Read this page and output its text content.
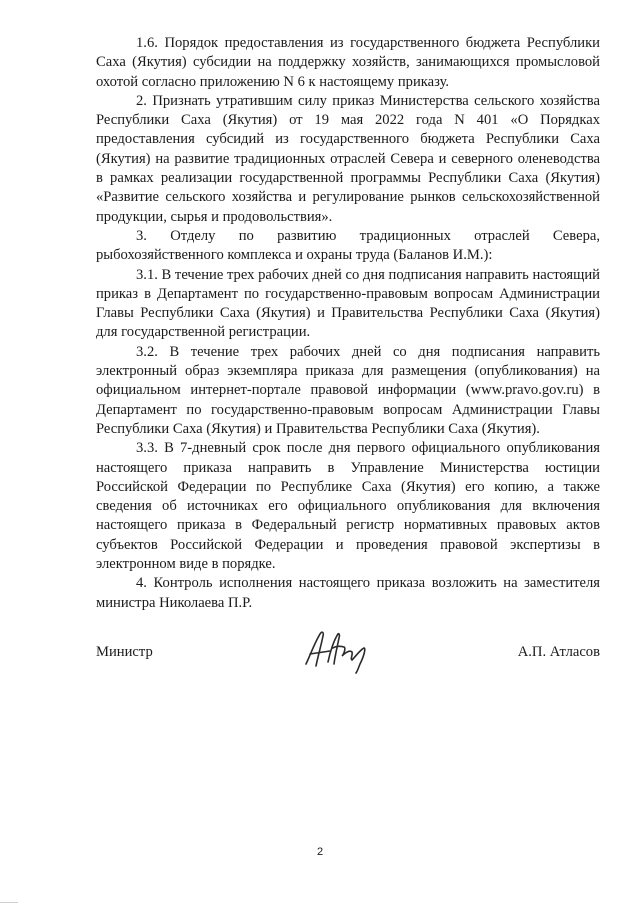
1.6. Порядок предоставления из государственного бюджета Республики Саха (Якутия) субсидии на поддержку хозяйств, занимающихся промысловой охотой согласно приложению N 6 к настоящему приказу.

2. Признать утратившим силу приказ Министерства сельского хозяйства Республики Саха (Якутия) от 19 мая 2022 года N 401 «О Порядках предоставления субсидий из государственного бюджета Республики Саха (Якутия) на развитие традиционных отраслей Севера и северного оленеводства в рамках реализации государственной программы Республики Саха (Якутия) «Развитие сельского хозяйства и регулирование рынков сельскохозяйственной продукции, сырья и продовольствия».

3. Отделу по развитию традиционных отраслей Севера, рыбохозяйственного комплекса и охраны труда (Баланов И.М.):

3.1. В течение трех рабочих дней со дня подписания направить настоящий приказ в Департамент по государственно-правовым вопросам Администрации Главы Республики Саха (Якутия) и Правительства Республики Саха (Якутия) для государственной регистрации.

3.2. В течение трех рабочих дней со дня подписания направить электронный образ экземпляра приказа для размещения (опубликования) на официальном интернет-портале правовой информации (www.pravo.gov.ru) в Департамент по государственно-правовым вопросам Администрации Главы Республики Саха (Якутия) и Правительства Республики Саха (Якутия).

3.3. В 7-дневный срок после дня первого официального опубликования настоящего приказа направить в Управление Министерства юстиции Российской Федерации по Республике Саха (Якутия) его копию, а также сведения об источниках его официального опубликования для включения настоящего приказа в Федеральный регистр нормативных правовых актов субъектов Российской Федерации и проведения правовой экспертизы в электронном виде в порядке.

4. Контроль исполнения настоящего приказа возложить на заместителя министра Николаева П.Р.

Министр	А.П. Атласов
2
